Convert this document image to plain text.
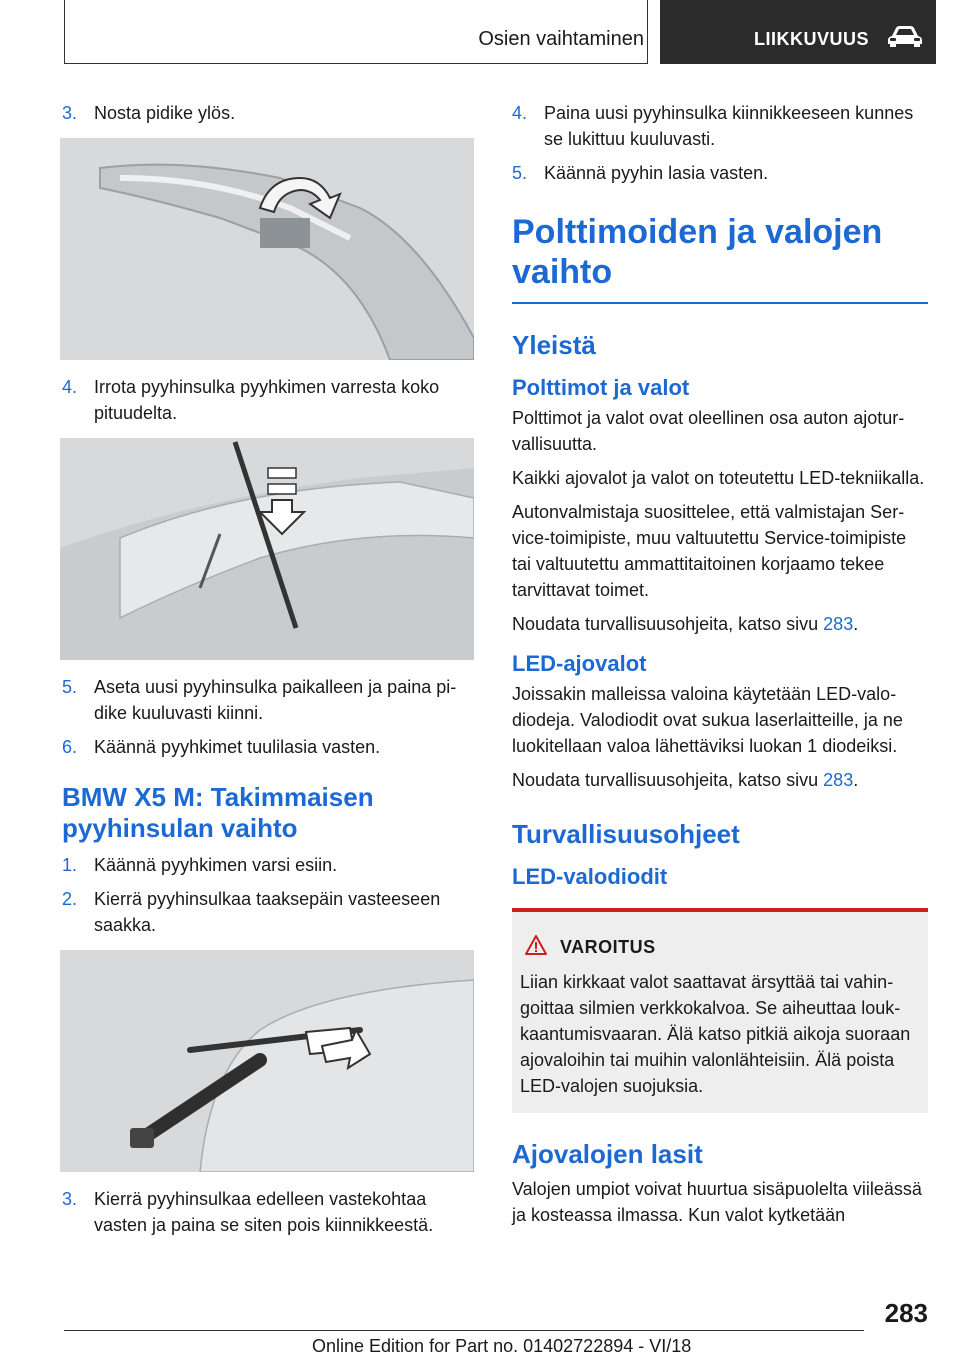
Osien vaihtaminen	LIIKKUVUUS
3. Nosta pidike ylös.
4. Irrota pyyhinsulka pyyhkimen varresta koko pituudelta.
5. Aseta uusi pyyhinsulka paikalleen ja paina pidike kuuluvasti kiinni.
6. Käännä pyyhkimet tuulilasia vasten.
BMW X5 M: Takimmaisen pyyhinsulan vaihto
1. Käännä pyyhkimen varsi esiin.
2. Kierrä pyyhinsulkaa taaksepäin vasteeseen saakka.
3. Kierrä pyyhinsulkaa edelleen vastekohtaa vasten ja paina se siten pois kiinnikkeestä.
4. Paina uusi pyyhinsulka kiinnikkeeseen kunnes se lukittuu kuuluvasti.
5. Käännä pyyhin lasia vasten.
Polttimoiden ja valojen vaihto
Yleistä
Polttimot ja valot

Polttimot ja valot ovat oleellinen osa auton ajoturvallisuutta.

Kaikki ajovalot ja valot on toteutettu LED-tekniikalla.

Autonvalmistaja suosittelee, että valmistajan Service-toimipiste, muu valtuutettu Service-toimipiste tai valtuutettu ammattitaitoinen korjaamo tekee tarvittavat toimet.

Noudata turvallisuusohjeita, katso sivu 283.

LED-ajovalot

Joissakin malleissa valoina käytetään LED-valodiodeja. Valodiodit ovat sukua laserlaitteille, ja ne luokitellaan valoa lähettäviksi luokan 1 diodeiksi.

Noudata turvallisuusohjeita, katso sivu 283.

Turvallisuusohjeet
LED-valodiodit
VAROITUS
Liian kirkkaat valot saattavat ärsyttää tai vahingoittaa silmien verkkokalvoa. Se aiheuttaa loukkaantumisvaaran. Älä katso pitkiä aikoja suoraan ajovaloihin tai muihin valonlähteisiin. Älä poista LED-valojen suojuksia.
Ajovalojen lasit

Valojen umpiot voivat huurtua sisäpuolelta viileässä ja kosteassa ilmassa. Kun valot kytketään

283
Online Edition for Part no. 01402722894 - VI/18
